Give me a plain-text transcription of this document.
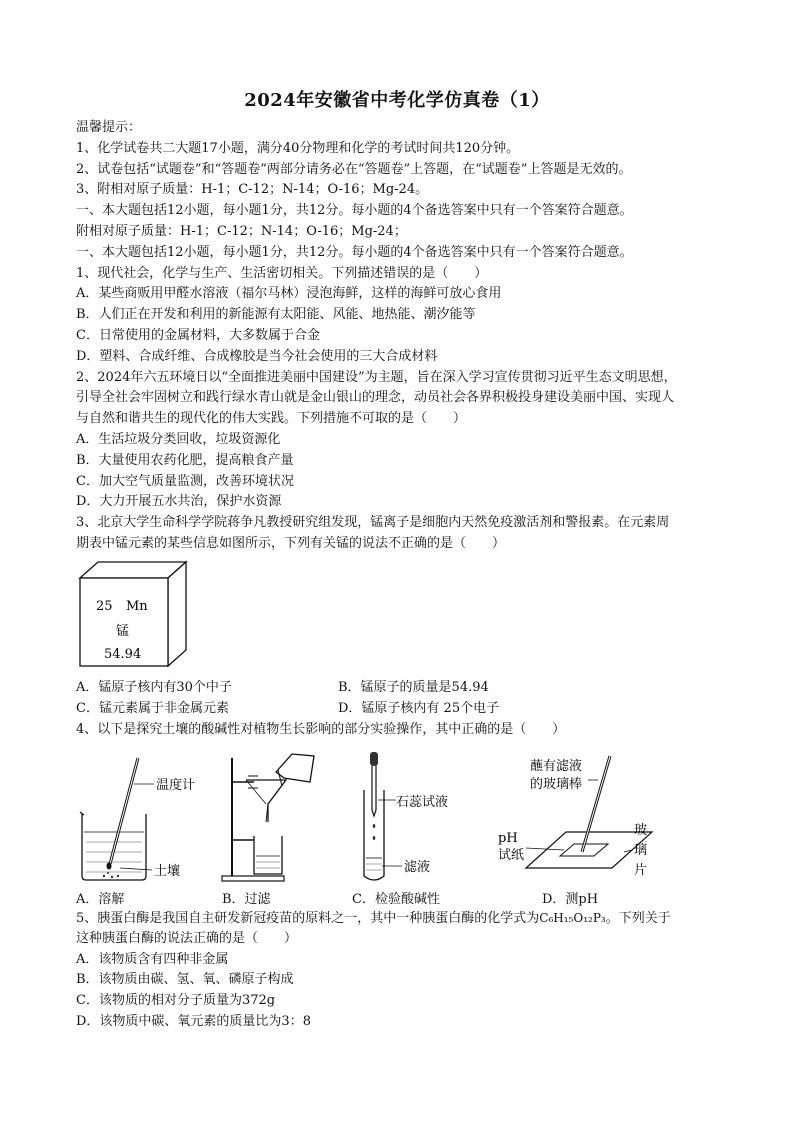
2024年安徽省中考化学仿真卷（1）
温馨提示：
1、化学试卷共二大题17小题，满分40分物理和化学的考试时间共120分钟。
2、试卷包括“试题卷”和“答题卷”两部分请务必在“答题卷”上答题，在“试题卷”上答题是无效的。
3、附相对原子质量：H-1；C-12；N-14；O-16；Mg-24。
一、本大题包括12小题，每小题1分，共12分。每小题的4个备选答案中只有一个答案符合题意。
附相对原子质量：H-1；C-12；N-14；O-16；Mg-24；
一、本大题包括12小题，每小题1分，共12分。每小题的4个备选答案中只有一个答案符合题意。
1、现代社会，化学与生产、生活密切相关。下列描述错误的是（　　）
A．某些商贩用甲醛水溶液（福尔马林）浸泡海鲜，这样的海鲜可放心食用
B．人们正在开发和利用的新能源有太阳能、风能、地热能、潮汐能等
C．日常使用的金属材料，大多数属于合金
D．塑料、合成纤维、合成橡胶是当今社会使用的三大合成材料
2、2024年六五环境日以“全面推进美丽中国建设”为主题，旨在深入学习宣传贯彻习近平生态文明思想，
引导全社会牢固树立和践行绿水青山就是金山银山的理念，动员社会各界积极投身建设美丽中国、实现人
与自然和谐共生的现代化的伟大实践。下列措施不可取的是（　　）
A．生活垃圾分类回收，垃圾资源化
B．大量使用农药化肥，提高粮食产量
C．加大空气质量监测，改善环境状况
D．大力开展五水共治，保护水资源
3、北京大学生命科学学院蒋争凡教授研究组发现，锰离子是细胞内天然免疫激活剂和警报素。在元素周
期表中锰元素的某些信息如图所示，下列有关锰的说法不正确的是（　　）
25 Mn
锰
54.94
A．锰原子核内有30个中子	B．锰原子的质量是54.94
C．锰元素属于非金属元素	D．锰原子核内有 25个电子
4、以下是探究土壤的酸碱性对植物生长影响的部分实验操作，其中正确的是（　　）
温度计
土壤
石蕊试液
滤液
蘸有滤液
的玻璃棒
pH
试纸
玻
璃
片
A．溶解	B．过滤	C．检验酸碱性	D．测pH
5、胰蛋白酶是我国自主研发新冠疫苗的原料之一，其中一种胰蛋白酶的化学式为C₆H₁₅O₁₂P₃。下列关于
这种胰蛋白酶的说法正确的是（　　）
A．该物质含有四种非金属
B．该物质由碳、氢、氧、磷原子构成
C．该物质的相对分子质量为372g
D．该物质中碳、氧元素的质量比为3：8
